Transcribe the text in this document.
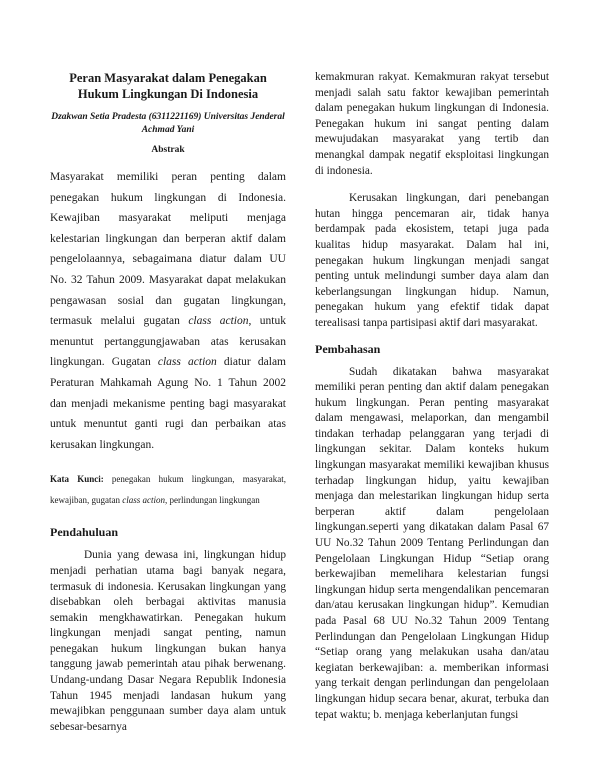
Peran Masyarakat dalam Penegakan Hukum Lingkungan Di Indonesia
Dzakwan Setia Pradesta (6311221169) Universitas Jenderal Achmad Yani
Abstrak

Masyarakat memiliki peran penting dalam penegakan hukum lingkungan di Indonesia. Kewajiban masyarakat meliputi menjaga kelestarian lingkungan dan berperan aktif dalam pengelolaannya, sebagaimana diatur dalam UU No. 32 Tahun 2009. Masyarakat dapat melakukan pengawasan sosial dan gugatan lingkungan, termasuk melalui gugatan class action, untuk menuntut pertanggungjawaban atas kerusakan lingkungan. Gugatan class action diatur dalam Peraturan Mahkamah Agung No. 1 Tahun 2002 dan menjadi mekanisme penting bagi masyarakat untuk menuntut ganti rugi dan perbaikan atas kerusakan lingkungan.

Kata Kunci: penegakan hukum lingkungan, masyarakat, kewajiban, gugatan class action, perlindungan lingkungan

Pendahuluan

Dunia yang dewasa ini, lingkungan hidup menjadi perhatian utama bagi banyak negara, termasuk di indonesia. Kerusakan lingkungan yang disebabkan oleh berbagai aktivitas manusia semakin mengkhawatirkan. Penegakan hukum lingkungan menjadi sangat penting, namun penegakan hukum lingkungan bukan hanya tanggung jawab pemerintah atau pihak berwenang. Undang-undang Dasar Negara Republik Indonesia Tahun 1945 menjadi landasan hukum yang mewajibkan penggunaan sumber daya alam untuk sebesar-besarnya

kemakmuran rakyat. Kemakmuran rakyat tersebut menjadi salah satu faktor kewajiban pemerintah dalam penegakan hukum lingkungan di Indonesia. Penegakan hukum ini sangat penting dalam mewujudakan masyarakat yang tertib dan menangkal dampak negatif eksploitasi lingkungan di indonesia.

Kerusakan lingkungan, dari penebangan hutan hingga pencemaran air, tidak hanya berdampak pada ekosistem, tetapi juga pada kualitas hidup masyarakat. Dalam hal ini, penegakan hukum lingkungan menjadi sangat penting untuk melindungi sumber daya alam dan keberlangsungan lingkungan hidup. Namun, penegakan hukum yang efektif tidak dapat terealisasi tanpa partisipasi aktif dari masyarakat.

Pembahasan

Sudah dikatakan bahwa masyarakat memiliki peran penting dan aktif dalam penegakan hukum lingkungan. Peran penting masyarakat dalam mengawasi, melaporkan, dan mengambil tindakan terhadap pelanggaran yang terjadi di lingkungan sekitar. Dalam konteks hukum lingkungan masyarakat memiliki kewajiban khusus terhadap lingkungan hidup, yaitu kewajiban menjaga dan melestarikan lingkungan hidup serta berperan aktif dalam pengelolaan lingkungan.seperti yang dikatakan dalam Pasal 67 UU No.32 Tahun 2009 Tentang Perlindungan dan Pengelolaan Lingkungan Hidup “Setiap orang berkewajiban memelihara kelestarian fungsi lingkungan hidup serta mengendalikan pencemaran dan/atau kerusakan lingkungan hidup”. Kemudian pada Pasal 68 UU No.32 Tahun 2009 Tentang Perlindungan dan Pengelolaan Lingkungan Hidup “Setiap orang yang melakukan usaha dan/atau kegiatan berkewajiban: a. memberikan informasi yang terkait dengan perlindungan dan pengelolaan lingkungan hidup secara benar, akurat, terbuka dan tepat waktu; b. menjaga keberlanjutan fungsi
